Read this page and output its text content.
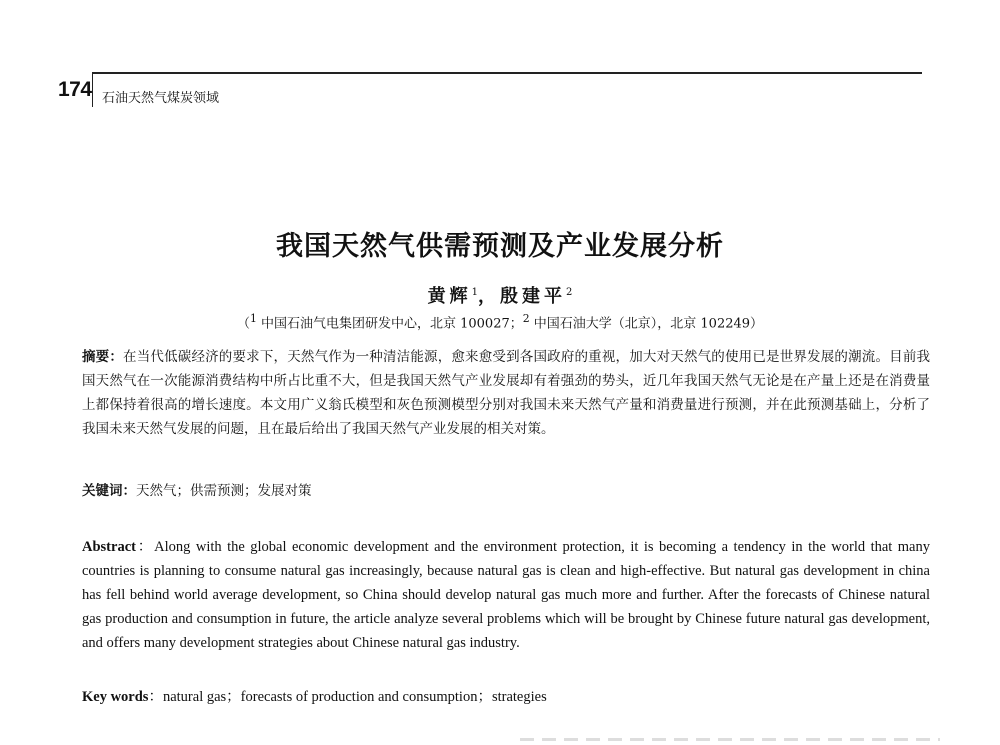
174 石油天然气煤炭领域
我国天然气供需预测及产业发展分析
黄辉$^1$，殷建平$^2$
（$^1$ 中国石油气电集团研发中心，北京 100027；$^2$ 中国石油大学（北京），北京 102249）
摘要：在当代低碳经济的要求下，天然气作为一种清洁能源，愈来愈受到各国政府的重视，加大对天然气的使用已是世界发展的潮流。目前我国天然气在一次能源消费结构中所占比重不大，但是我国天然气产业发展却有着强劲的势头，近几年我国天然气无论是在产量上还是在消费量上都保持着很高的增长速度。本文用广义翁氏模型和灰色预测模型分别对我国未来天然气产量和消费量进行预测，并在此预测基础上，分析了我国未来天然气发展的问题，且在最后给出了我国天然气产业发展的相关对策。
关键词：天然气；供需预测；发展对策
Abstract：Along with the global economic development and the environment protection, it is becoming a tendency in the world that many countries is planning to consume natural gas increasingly, because natural gas is clean and high-effective. But natural gas development in china has fell behind world average development, so China should develop natural gas much more and further. After the forecasts of Chinese natural gas production and consumption in future, the article analyze several problems which will be brought by Chinese future natural gas development, and offers many development strategies about Chinese natural gas industry.
Key words：natural gas；forecasts of production and consumption；strategies
